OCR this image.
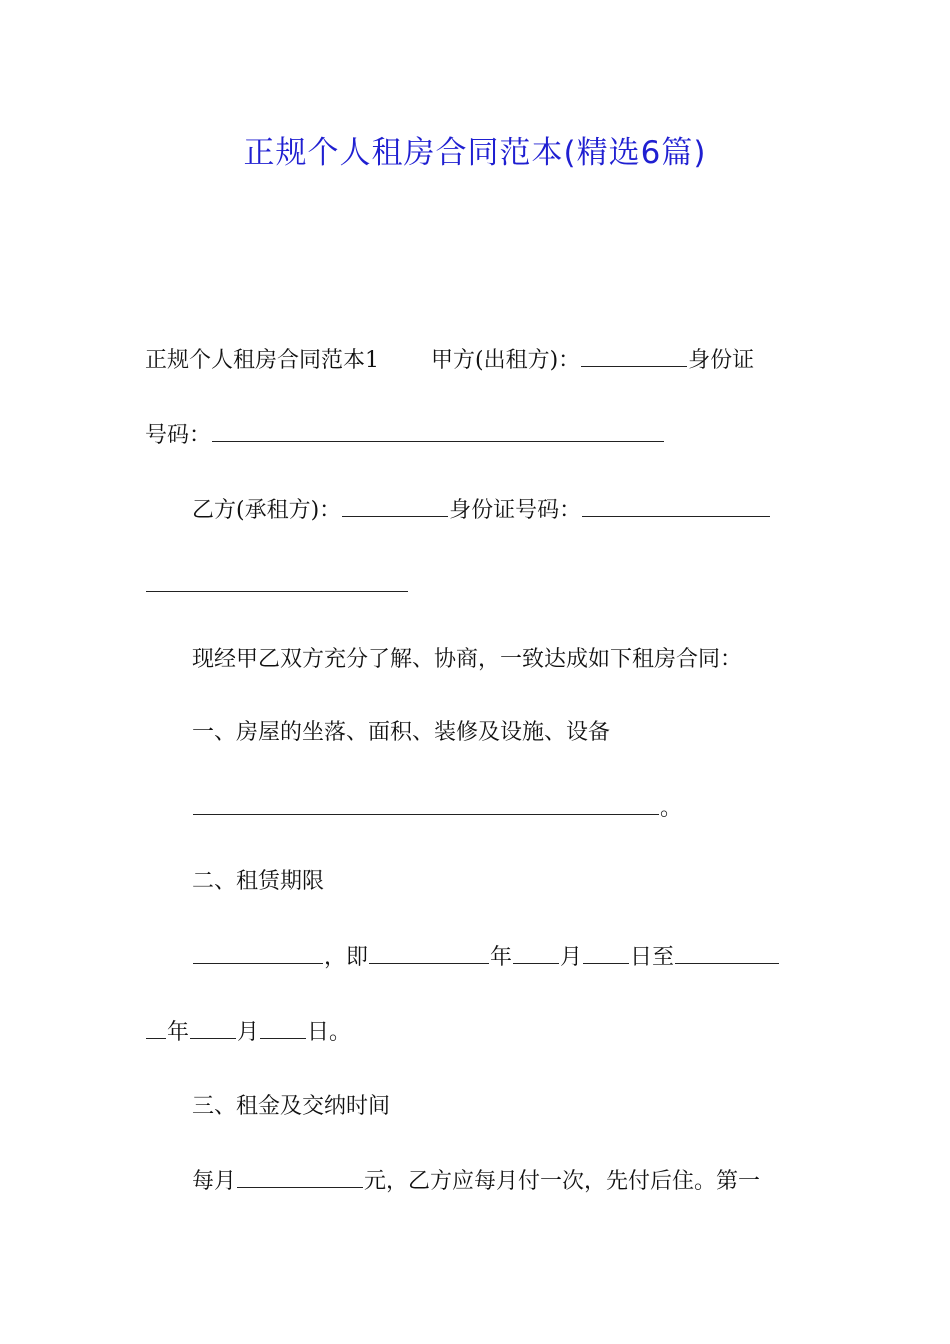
正规个人租房合同范本(精选6篇)
正规个人租房合同范本1 甲方(出租方)：	身份证
号码：
乙方(承租方)：	身份证号码：
现经甲乙双方充分了解、协商，一致达成如下租房合同：
一、房屋的坐落、面积、装修及设施、设备
。
二、租赁期限
，即	年 月 日至
年 月 日。
三、租金及交纳时间
每月	元，乙方应每月付一次，先付后住。第一
